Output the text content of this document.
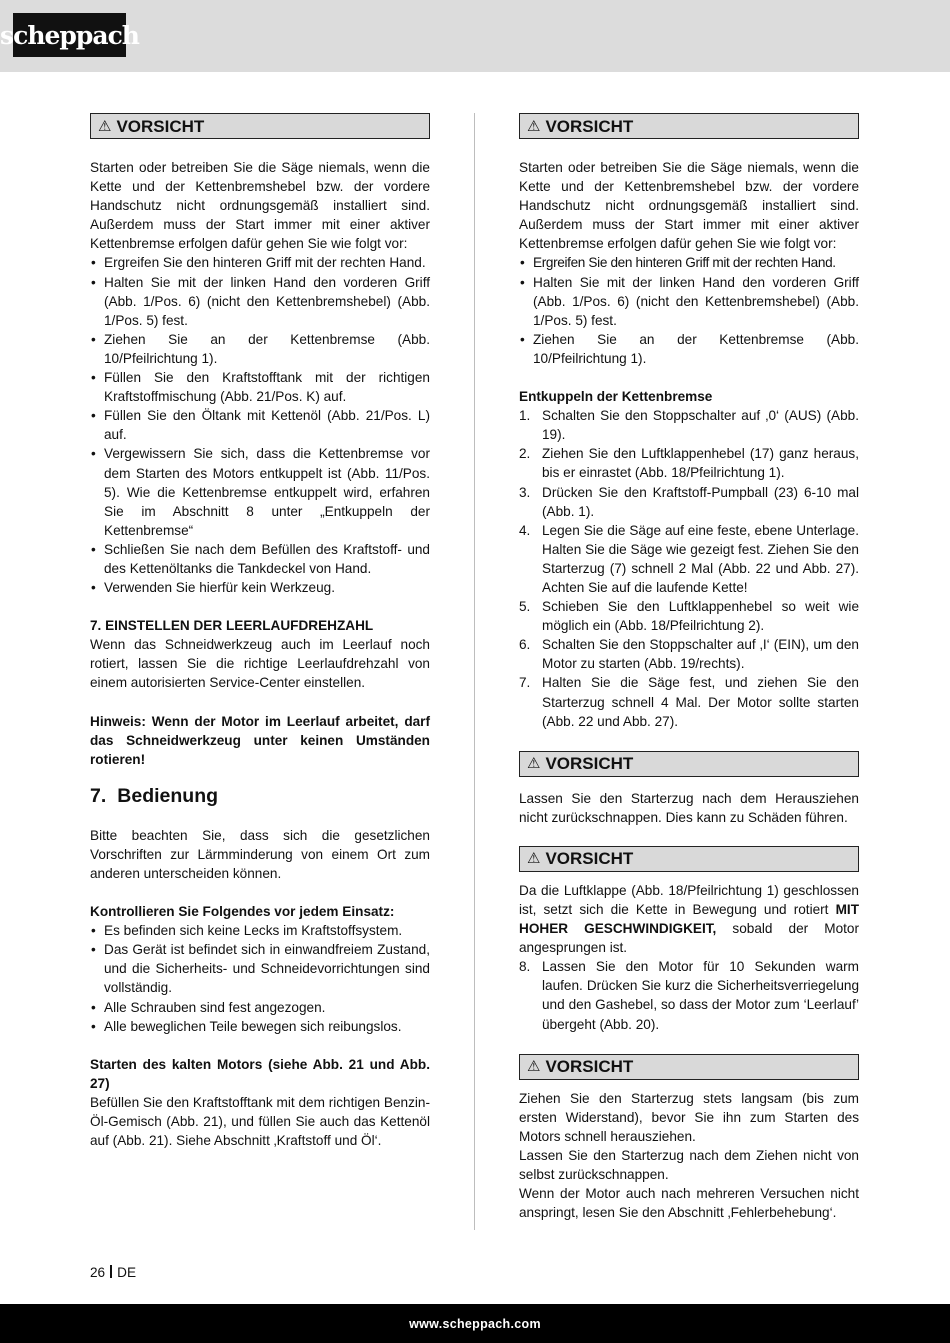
scheppach
⚠ VORSICHT

Starten oder betreiben Sie die Säge niemals, wenn die Kette und der Kettenbremshebel bzw. der vordere Handschutz nicht ordnungsgemäß installiert sind. Außerdem muss der Start immer mit einer aktiver Kettenbremse erfolgen dafür gehen Sie wie folgt vor:

• Ergreifen Sie den hinteren Griff mit der rechten Hand.
• Halten Sie mit der linken Hand den vorderen Griff (Abb. 1/Pos. 6) (nicht den Kettenbremshebel) (Abb. 1/Pos. 5) fest.
• Ziehen Sie an der Kettenbremse (Abb. 10/Pfeilrichtung 1).
• Füllen Sie den Kraftstofftank mit der richtigen Kraftstoffmischung (Abb. 21/Pos. K) auf.
• Füllen Sie den Öltank mit Kettenöl (Abb. 21/Pos. L) auf.
• Vergewissern Sie sich, dass die Kettenbremse vor dem Starten des Motors entkuppelt ist (Abb. 11/Pos. 5). Wie die Kettenbremse entkuppelt wird, erfahren Sie im Abschnitt 8 unter „Entkuppeln der Kettenbremse“
• Schließen Sie nach dem Befüllen des Kraftstoff- und des Kettenöltanks die Tankdeckel von Hand.
• Verwenden Sie hierfür kein Werkzeug.

7. EINSTELLEN DER LEERLAUFDREHZAHL

Wenn das Schneidwerkzeug auch im Leerlauf noch rotiert, lassen Sie die richtige Leerlaufdrehzahl von einem autorisierten Service-Center einstellen.

Hinweis: Wenn der Motor im Leerlauf arbeitet, darf das Schneidwerkzeug unter keinen Umständen rotieren!

7. Bedienung

Bitte beachten Sie, dass sich die gesetzlichen Vorschriften zur Lärmminderung von einem Ort zum anderen unterscheiden können.

Kontrollieren Sie Folgendes vor jedem Einsatz:

• Es befinden sich keine Lecks im Kraftstoffsystem.
• Das Gerät ist befindet sich in einwandfreiem Zustand, und die Sicherheits- und Schneidevorrichtungen sind vollständig.
• Alle Schrauben sind fest angezogen.
• Alle beweglichen Teile bewegen sich reibungslos.

Starten des kalten Motors (siehe Abb. 21 und Abb. 27)

Befüllen Sie den Kraftstofftank mit dem richtigen Benzin-Öl-Gemisch (Abb. 21), und füllen Sie auch das Kettenöl auf (Abb. 21). Siehe Abschnitt ‚Kraftstoff und Öl‘.

⚠ VORSICHT

Starten oder betreiben Sie die Säge niemals, wenn die Kette und der Kettenbremshebel bzw. der vordere Handschutz nicht ordnungsgemäß installiert sind. Außerdem muss der Start immer mit einer aktiver Kettenbremse erfolgen dafür gehen Sie wie folgt vor:

• Ergreifen Sie den hinteren Griff mit der rechten Hand.
• Halten Sie mit der linken Hand den vorderen Griff (Abb. 1/Pos. 6) (nicht den Kettenbremshebel) (Abb. 1/Pos. 5) fest.
• Ziehen Sie an der Kettenbremse (Abb. 10/Pfeilrichtung 1).

Entkuppeln der Kettenbremse

1. Schalten Sie den Stoppschalter auf ‚0‘ (AUS) (Abb. 19).
2. Ziehen Sie den Luftklappenhebel (17) ganz heraus, bis er einrastet (Abb. 18/Pfeilrichtung 1).
3. Drücken Sie den Kraftstoff-Pumpball (23) 6-10 mal (Abb. 1).
4. Legen Sie die Säge auf eine feste, ebene Unterlage. Halten Sie die Säge wie gezeigt fest. Ziehen Sie den Starterzug (7) schnell 2 Mal (Abb. 22 und Abb. 27). Achten Sie auf die laufende Kette!
5. Schieben Sie den Luftklappenhebel so weit wie möglich ein (Abb. 18/Pfeilrichtung 2).
6. Schalten Sie den Stoppschalter auf ‚I‘ (EIN), um den Motor zu starten (Abb. 19/rechts).
7. Halten Sie die Säge fest, und ziehen Sie den Starterzug schnell 4 Mal. Der Motor sollte starten (Abb. 22 und Abb. 27).
⚠ VORSICHT

Lassen Sie den Starterzug nach dem Herausziehen nicht zurückschnappen. Dies kann zu Schäden führen.

⚠ VORSICHT

Da die Luftklappe (Abb. 18/Pfeilrichtung 1) geschlossen ist, setzt sich die Kette in Bewegung und rotiert MIT HOHER GESCHWINDIGKEIT, sobald der Motor angesprungen ist.

8. Lassen Sie den Motor für 10 Sekunden warm laufen. Drücken Sie kurz die Sicherheitsverriegelung und den Gashebel, so dass der Motor zum ‘Leerlauf’ übergeht (Abb. 20).
⚠ VORSICHT

Ziehen Sie den Starterzug stets langsam (bis zum ersten Widerstand), bevor Sie ihn zum Starten des Motors schnell herausziehen.

Lassen Sie den Starterzug nach dem Ziehen nicht von selbst zurückschnappen.

Wenn der Motor auch nach mehreren Versuchen nicht anspringt, lesen Sie den Abschnitt ‚Fehlerbehebung‘.

26 DE
www.scheppach.com
